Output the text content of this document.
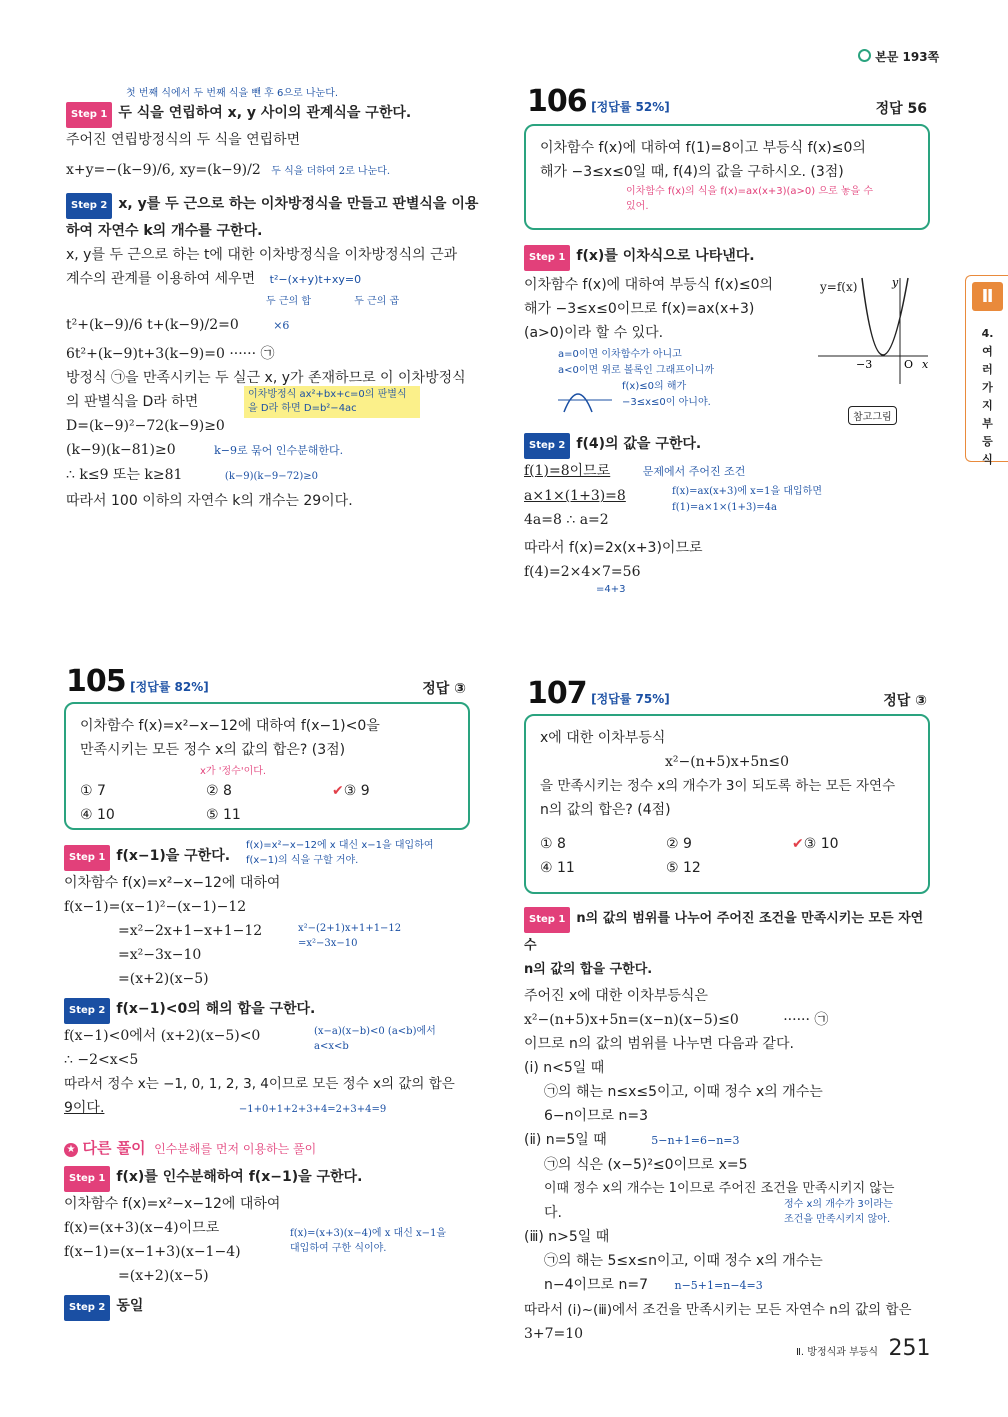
본문 193쪽
Ⅱ
4. 여러 가지 부등식
첫 번째 식에서 두 번째 식을 뺀 후 6으로 나눈다.
Step 1 두 식을 연립하여 x, y 사이의 관계식을 구한다.
주어진 연립방정식의 두 식을 연립하면
x+y=−(k−9)/6, xy=(k−9)/2 두 식을 더하여 2로 나눈다.
Step 2 x, y를 두 근으로 하는 이차방정식을 만들고 판별식을 이용하여 자연수 k의 개수를 구한다.
x, y를 두 근으로 하는 t에 대한 이차방정식을 이차방정식의 근과
계수의 관계를 이용하여 세우면 t²−(x+y)t+xy=0
두 근의 합	두 근의 곱
t²+(k−9)/6 t+(k−9)/2=0	×6
6t²+(k−9)t+3(k−9)=0 ······ ㉠
방정식 ㉠을 만족시키는 두 실근 x, y가 존재하므로 이 이차방정식
의 판별식을 D라 하면	이차방정식 ax²+bx+c=0의 판별식을 D라 하면 D=b²−4ac
D=(k−9)²−72(k−9)≥0
(k−9)(k−81)≥0	k−9로 묶어 인수분해한다.
∴ k≤9 또는 k≥81	(k−9)(k−9−72)≥0
따라서 100 이하의 자연수 k의 개수는 29이다.
106 [정답률 52%]	정답 56
이차함수 f(x)에 대하여 f(1)=8이고 부등식 f(x)≤0의
해가 −3≤x≤0일 때, f(4)의 값을 구하시오. (3점)
이차함수 f(x)의 식을 f(x)=ax(x+3)(a>0) 으로 놓을 수 있어.
Step 1 f(x)를 이차식으로 나타낸다.
이차함수 f(x)에 대하여 부등식 f(x)≤0의
해가 −3≤x≤0이므로 f(x)=ax(x+3)
(a>0)이라 할 수 있다.
a=0이면 이차함수가 아니고
a<0이면 위로 볼록인 그래프이니까
f(x)≤0의 해가
−3≤x≤0이 아니야.
y=f(x)
−3	O x
y
참고그림
Step 2 f(4)의 값을 구한다.
f(1)=8이므로	문제에서 주어진 조건
a×1×(1+3)=8	f(x)=ax(x+3)에 x=1을 대입하면
f(1)=a×1×(1+3)=4a
4a=8 ∴ a=2
따라서 f(x)=2x(x+3)이므로
f(4)=2×4×7=56
=4+3
105 [정답률 82%]	정답 ③
이차함수 f(x)=x²−x−12에 대하여 f(x−1)<0을
만족시키는 모든 정수 x의 값의 합은? (3점)
x가 '정수'이다.
① 7	② 8	✔③ 9
④ 10	⑤ 11
Step 1 f(x−1)을 구한다.
f(x)=x²−x−12에 x 대신 x−1을 대입하여
f(x−1)의 식을 구할 거야.
이차함수 f(x)=x²−x−12에 대하여
f(x−1)=(x−1)²−(x−1)−12
=x²−2x+1−x+1−12	x²−(2+1)x+1+1−12
=x²−3x−10
=x²−3x−10
=(x+2)(x−5)
Step 2 f(x−1)<0의 해의 합을 구한다.
f(x−1)<0에서 (x+2)(x−5)<0	(x−a)(x−b)<0 (a<b)에서
a<x<b
∴ −2<x<5
따라서 정수 x는 −1, 0, 1, 2, 3, 4이므로 모든 정수 x의 값의 합은
9이다.	−1+0+1+2+3+4=2+3+4=9
★ 다른 풀이 인수분해를 먼저 이용하는 풀이
Step 1 f(x)를 인수분해하여 f(x−1)을 구한다.
이차함수 f(x)=x²−x−12에 대하여
f(x)=(x+3)(x−4)이므로
f(x−1)=(x−1+3)(x−1−4)
f(x)=(x+3)(x−4)에 x 대신 x−1을
대입하여 구한 식이야.
=(x+2)(x−5)
Step 2 동일
107 [정답률 75%]	정답 ③
x에 대한 이차부등식
x²−(n+5)x+5n≤0
을 만족시키는 정수 x의 개수가 3이 되도록 하는 모든 자연수
n의 값의 합은? (4점)
① 8	② 9	✔③ 10
④ 11	⑤ 12
Step 1 n의 값의 범위를 나누어 주어진 조건을 만족시키는 모든 자연수
n의 값의 합을 구한다.
주어진 x에 대한 이차부등식은
x²−(n+5)x+5n=(x−n)(x−5)≤0	······ ㉠
이므로 n의 값의 범위를 나누면 다음과 같다.
(ⅰ) n<5일 때
㉠의 해는 n≤x≤5이고, 이때 정수 x의 개수는
6−n이므로 n=3
(ⅱ) n=5일 때	5−n+1=6−n=3
㉠의 식은 (x−5)²≤0이므로 x=5
이때 정수 x의 개수는 1이므로 주어진 조건을 만족시키지 않는
다.
정수 x의 개수가 3이라는
조건을 만족시키지 않아.
(ⅲ) n>5일 때
㉠의 해는 5≤x≤n이고, 이때 정수 x의 개수는
n−4이므로 n=7 n−5+1=n−4=3
따라서 (ⅰ)~(ⅲ)에서 조건을 만족시키는 모든 자연수 n의 값의 합은
3+7=10
Ⅱ. 방정식과 부등식 251
